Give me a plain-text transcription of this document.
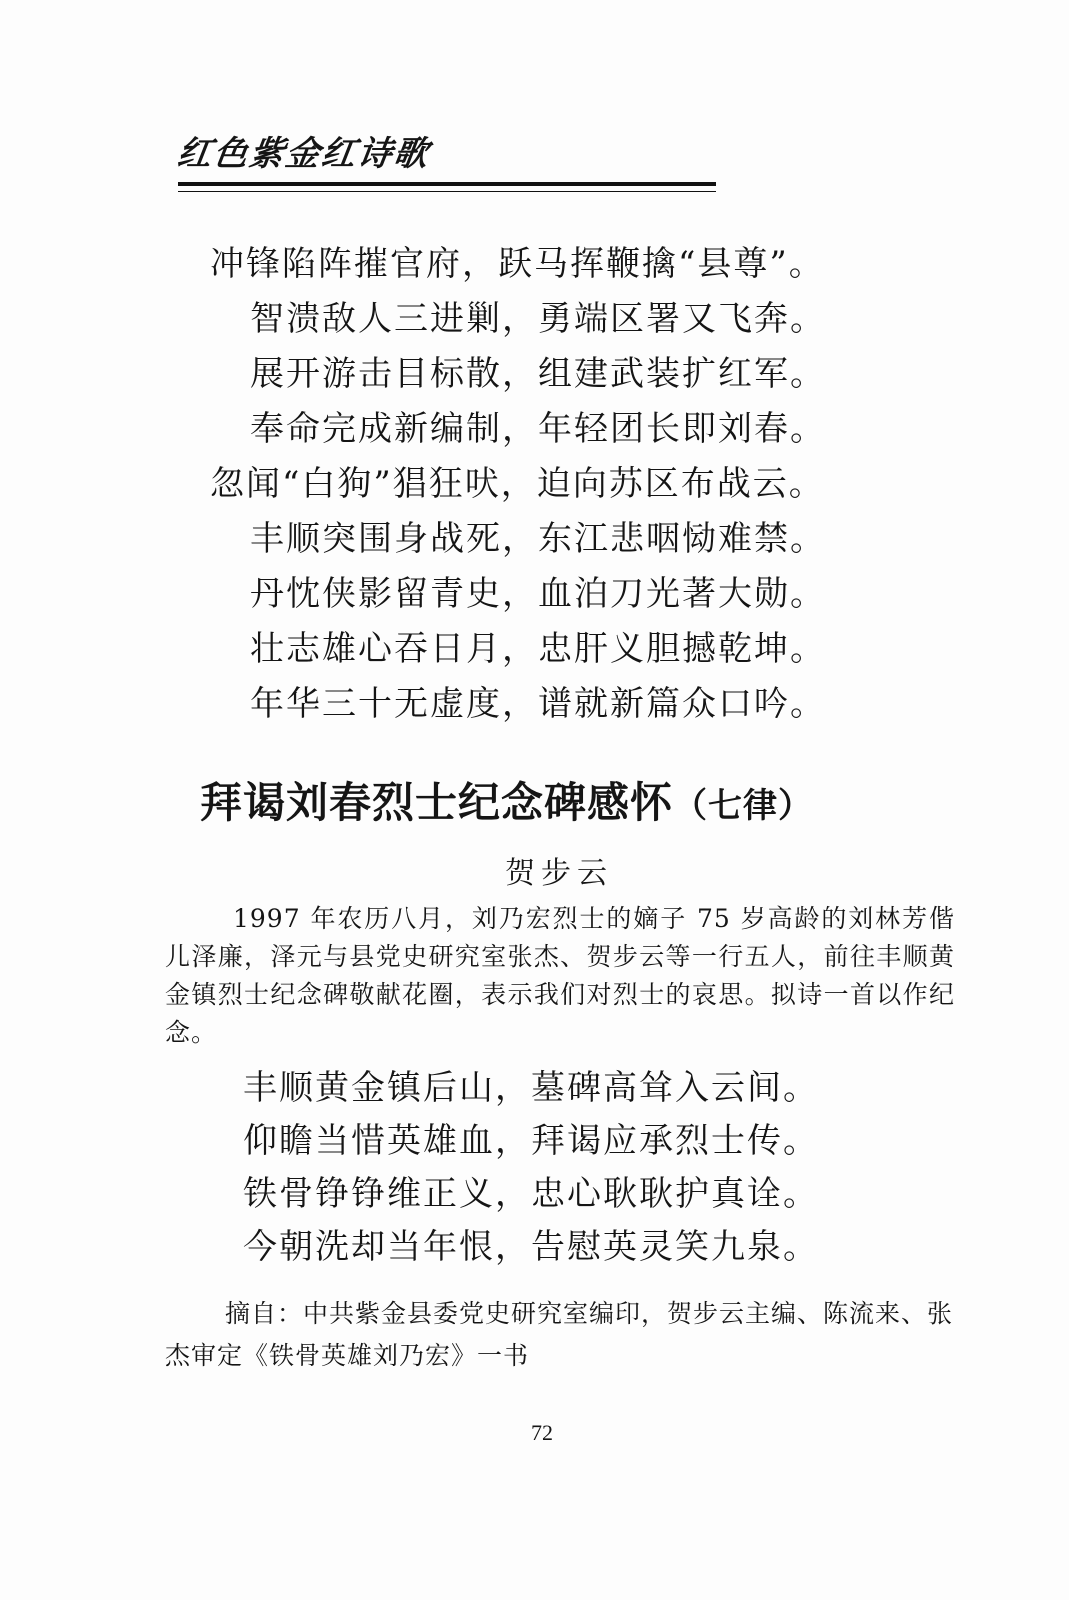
红色紫金红诗歌
冲锋陷阵摧官府，跃马挥鞭擒“县尊”。
智溃敌人三进剿，勇端区署又飞奔。
展开游击目标散，组建武装扩红军。
奉命完成新编制，年轻团长即刘春。
忽闻“白狗”猖狂吠，迫向苏区布战云。
丰顺突围身战死，东江悲咽恸难禁。
丹忱侠影留青史，血泊刀光著大勋。
壮志雄心吞日月，忠肝义胆撼乾坤。
年华三十无虚度，谱就新篇众口吟。
拜谒刘春烈士纪念碑感怀（七律）
贺步云
1997 年农历八月，刘乃宏烈士的嫡子 75 岁高龄的刘林芳偕儿泽廉，泽元与县党史研究室张杰、贺步云等一行五人，前往丰顺黄金镇烈士纪念碑敬献花圈，表示我们对烈士的哀思。拟诗一首以作纪念。
丰顺黄金镇后山，墓碑高耸入云间。
仰瞻当惜英雄血，拜谒应承烈士传。
铁骨铮铮维正义，忠心耿耿护真诠。
今朝洗却当年恨，告慰英灵笑九泉。
摘自：中共紫金县委党史研究室编印，贺步云主编、陈流来、张杰审定《铁骨英雄刘乃宏》一书
72
